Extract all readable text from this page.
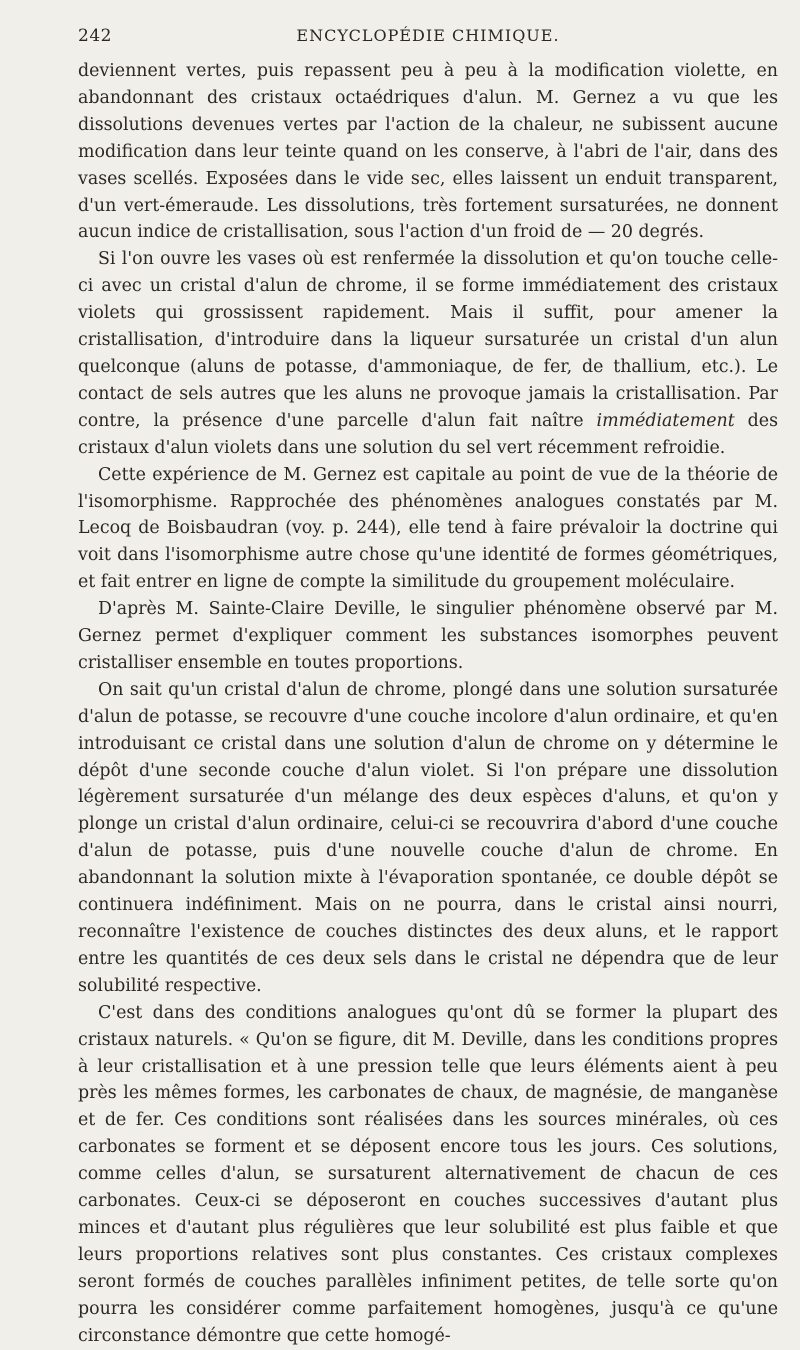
242	ENCYCLOPÉDIE CHIMIQUE.

deviennent vertes, puis repassent peu à peu à la modification violette, en abandonnant des cristaux octaédriques d'alun. M. Gernez a vu que les dissolutions devenues vertes par l'action de la chaleur, ne subissent aucune modification dans leur teinte quand on les conserve, à l'abri de l'air, dans des vases scellés. Exposées dans le vide sec, elles laissent un enduit transparent, d'un vert-émeraude. Les dissolutions, très fortement sursaturées, ne donnent aucun indice de cristallisation, sous l'action d'un froid de — 20 degrés.

Si l'on ouvre les vases où est renfermée la dissolution et qu'on touche celle-ci avec un cristal d'alun de chrome, il se forme immédiatement des cristaux violets qui grossissent rapidement. Mais il suffit, pour amener la cristallisation, d'introduire dans la liqueur sursaturée un cristal d'un alun quelconque (aluns de potasse, d'ammoniaque, de fer, de thallium, etc.). Le contact de sels autres que les aluns ne provoque jamais la cristallisation. Par contre, la présence d'une parcelle d'alun fait naître immédiatement des cristaux d'alun violets dans une solution du sel vert récemment refroidie.

Cette expérience de M. Gernez est capitale au point de vue de la théorie de l'isomorphisme. Rapprochée des phénomènes analogues constatés par M. Lecoq de Boisbaudran (voy. p. 244), elle tend à faire prévaloir la doctrine qui voit dans l'isomorphisme autre chose qu'une identité de formes géométriques, et fait entrer en ligne de compte la similitude du groupement moléculaire.

D'après M. Sainte-Claire Deville, le singulier phénomène observé par M. Gernez permet d'expliquer comment les substances isomorphes peuvent cristalliser ensemble en toutes proportions.

On sait qu'un cristal d'alun de chrome, plongé dans une solution sursaturée d'alun de potasse, se recouvre d'une couche incolore d'alun ordinaire, et qu'en introduisant ce cristal dans une solution d'alun de chrome on y détermine le dépôt d'une seconde couche d'alun violet. Si l'on prépare une dissolution légèrement sursaturée d'un mélange des deux espèces d'aluns, et qu'on y plonge un cristal d'alun ordinaire, celui-ci se recouvrira d'abord d'une couche d'alun de potasse, puis d'une nouvelle couche d'alun de chrome. En abandonnant la solution mixte à l'évaporation spontanée, ce double dépôt se continuera indéfiniment. Mais on ne pourra, dans le cristal ainsi nourri, reconnaître l'existence de couches distinctes des deux aluns, et le rapport entre les quantités de ces deux sels dans le cristal ne dépendra que de leur solubilité respective.

C'est dans des conditions analogues qu'ont dû se former la plupart des cristaux naturels. « Qu'on se figure, dit M. Deville, dans les conditions propres à leur cristallisation et à une pression telle que leurs éléments aient à peu près les mêmes formes, les carbonates de chaux, de magnésie, de manganèse et de fer. Ces conditions sont réalisées dans les sources minérales, où ces carbonates se forment et se déposent encore tous les jours. Ces solutions, comme celles d'alun, se sursaturent alternativement de chacun de ces carbonates. Ceux-ci se déposeront en couches successives d'autant plus minces et d'autant plus régulières que leur solubilité est plus faible et que leurs proportions relatives sont plus constantes. Ces cristaux complexes seront formés de couches parallèles infiniment petites, de telle sorte qu'on pourra les considérer comme parfaitement homogènes, jusqu'à ce qu'une circonstance démontre que cette homogé-
